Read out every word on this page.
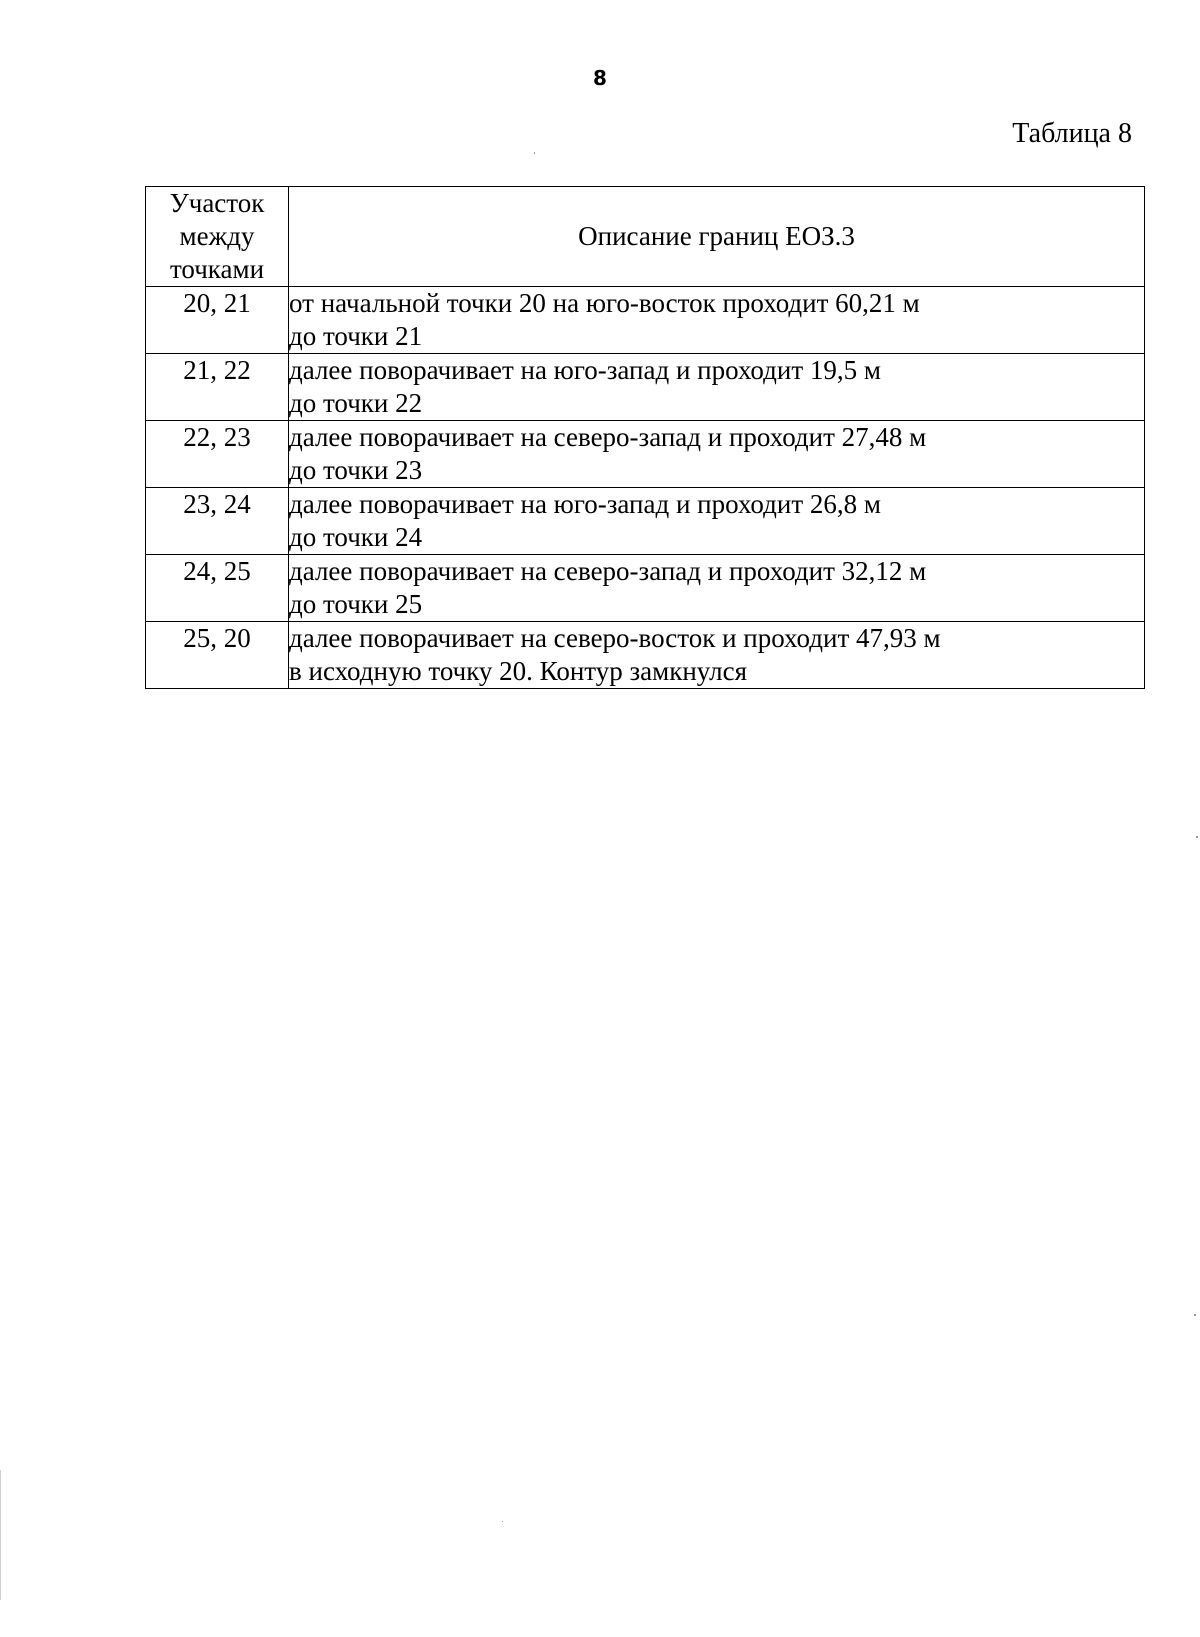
8
Таблица 8
Участок
между
точками	Описание границ ЕОЗ.3
20, 21	от начальной точки 20 на юго-восток проходит 60,21 м
до точки 21

21, 22	далее поворачивает на юго-запад и проходит 19,5 м
до точки 22

22, 23	далее поворачивает на северо-запад и проходит 27,48 м
до точки 23

23, 24	далее поворачивает на юго-запад и проходит 26,8 м
до точки 24

24, 25	далее поворачивает на северо-запад и проходит 32,12 м
до точки 25

25, 20	далее поворачивает на северо-восток и проходит 47,93 м
в исходную точку 20. Контур замкнулся
